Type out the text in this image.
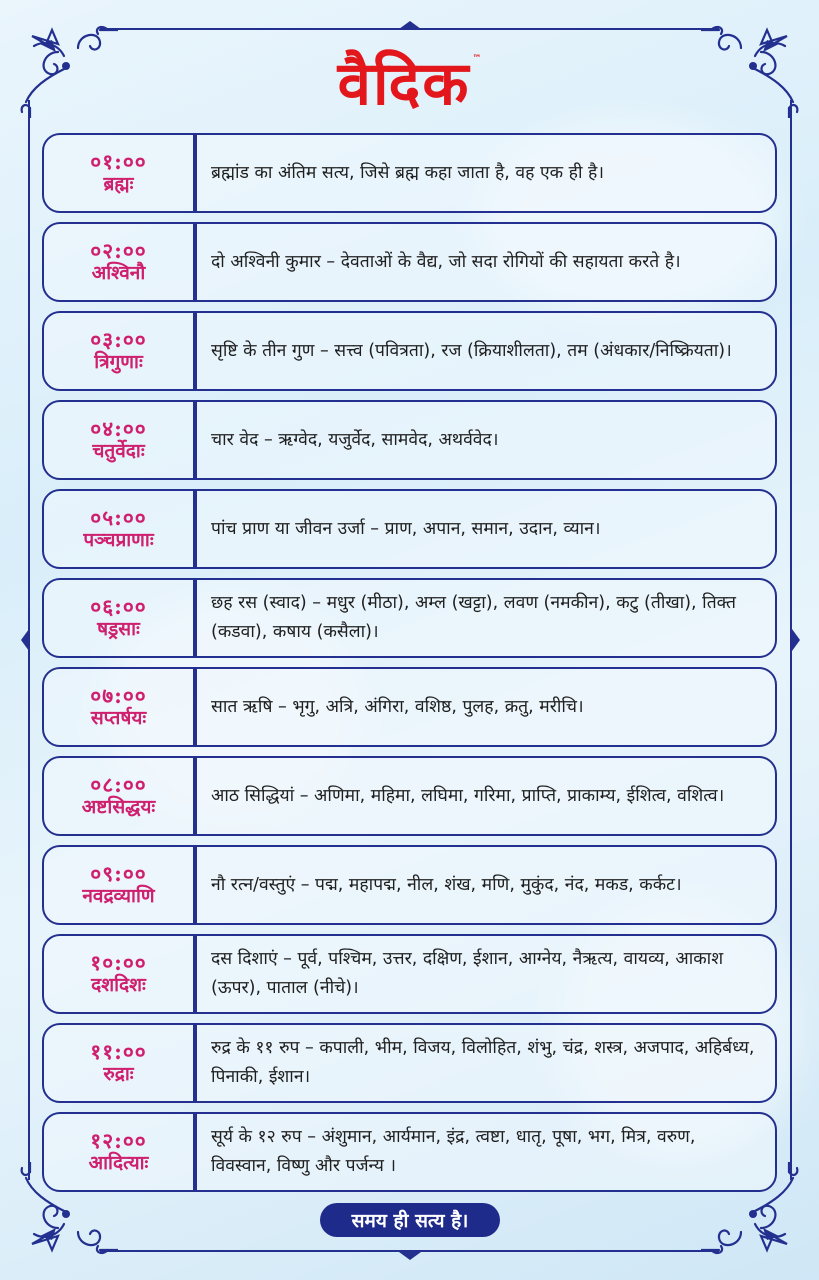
वैदिक ™
०१:००
ब्रह्मः
ब्रह्मांड का अंतिम सत्य, जिसे ब्रह्म कहा जाता है, वह एक ही है।
०२:००
अश्विनौ
दो अश्विनी कुमार – देवताओं के वैद्य, जो सदा रोगियों की सहायता करते है।
०३:००
त्रिगुणाः
सृष्टि के तीन गुण – सत्त्व (पवित्रता), रज (क्रियाशीलता), तम (अंधकार/निष्क्रियता)।
०४:००
चतुर्वेदाः
चार वेद – ऋग्वेद, यजुर्वेद, सामवेद, अथर्ववेद।
०५:००
पञ्चप्राणाः
पांच प्राण या जीवन उर्जा – प्राण, अपान, समान, उदान, व्यान।
०६:००
षड्रसाः
छह रस (स्वाद) – मधुर (मीठा), अम्ल (खट्टा), लवण (नमकीन), कटु (तीखा), तिक्त (कडवा), कषाय (कसैला)।
०७:००
सप्तर्षयः
सात ऋषि – भृगु, अत्रि, अंगिरा, वशिष्ठ, पुलह, क्रतु, मरीचि।
०८:००
अष्टसिद्धयः
आठ सिद्धियां – अणिमा, महिमा, लघिमा, गरिमा, प्राप्ति, प्राकाम्य, ईशित्व, वशित्व।
०९:००
नवद्रव्याणि
नौ रत्न/वस्तुएं – पद्म, महापद्म, नील, शंख, मणि, मुकुंद, नंद, मकड, कर्कट।
१०:००
दशदिशः
दस दिशाएं – पूर्व, पश्चिम, उत्तर, दक्षिण, ईशान, आग्नेय, नैऋत्य, वायव्य, आकाश (ऊपर), पाताल (नीचे)।
११:००
रुद्राः
रुद्र के ११ रुप – कपाली, भीम, विजय, विलोहित, शंभु, चंद्र, शस्त्र, अजपाद, अहिर्बध्य, पिनाकी, ईशान।
१२:००
आदित्याः
सूर्य के १२ रुप – अंशुमान, आर्यमान, इंद्र, त्वष्टा, धातृ, पूषा, भग, मित्र, वरुण, विवस्वान, विष्णु और पर्जन्य ।
समय ही सत्य है।
